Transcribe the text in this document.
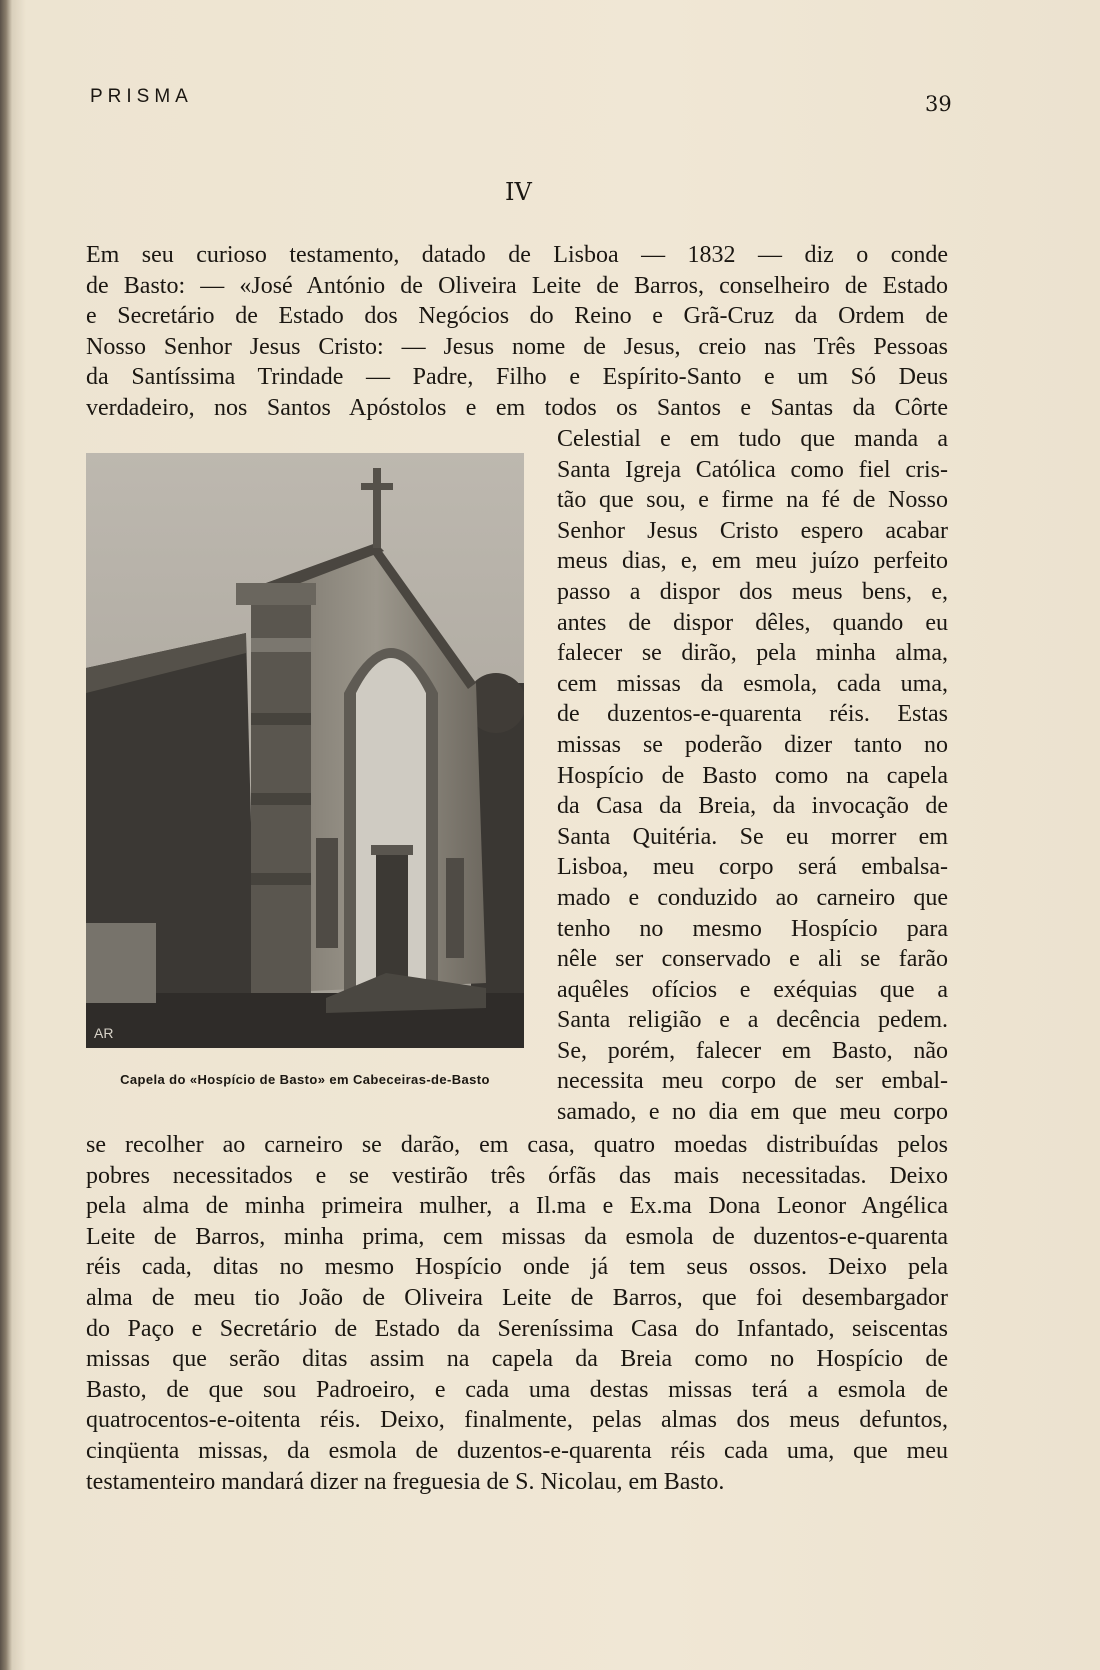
PRISMA	39
IV
Em seu curioso testamento, datado de Lisboa — 1832 — diz o conde
de Basto: — «José António de Oliveira Leite de Barros, conselheiro de Estado
e Secretário de Estado dos Negócios do Reino e Grã-Cruz da Ordem de
Nosso Senhor Jesus Cristo: — Jesus nome de Jesus, creio nas Três Pessoas
da Santíssima Trindade — Padre, Filho e Espírito-Santo e um Só Deus
verdadeiro, nos Santos Apóstolos e em todos os Santos e Santas da Côrte
AR
Capela do «Hospício de Basto» em Cabeceiras-de-Basto
Celestial e em tudo que manda a
Santa Igreja Católica como fiel cris-
tão que sou, e firme na fé de Nosso
Senhor Jesus Cristo espero acabar
meus dias, e, em meu juízo perfeito
passo a dispor dos meus bens, e,
antes de dispor dêles, quando eu
falecer se dirão, pela minha alma,
cem missas da esmola, cada uma,
de duzentos-e-quarenta réis. Estas
missas se poderão dizer tanto no
Hospício de Basto como na capela
da Casa da Breia, da invocação de
Santa Quitéria. Se eu morrer em
Lisboa, meu corpo será embalsa-
mado e conduzido ao carneiro que
tenho no mesmo Hospício para
nêle ser conservado e ali se farão
aquêles ofícios e exéquias que a
Santa religião e a decência pedem.
Se, porém, falecer em Basto, não
necessita meu corpo de ser embal-
samado, e no dia em que meu corpo
se recolher ao carneiro se darão, em casa, quatro moedas distribuídas pelos
pobres necessitados e se vestirão três órfãs das mais necessitadas. Deixo
pela alma de minha primeira mulher, a Il.ma e Ex.ma Dona Leonor Angélica
Leite de Barros, minha prima, cem missas da esmola de duzentos-e-quarenta
réis cada, ditas no mesmo Hospício onde já tem seus ossos. Deixo pela
alma de meu tio João de Oliveira Leite de Barros, que foi desembargador
do Paço e Secretário de Estado da Sereníssima Casa do Infantado, seiscentas
missas que serão ditas assim na capela da Breia como no Hospício de
Basto, de que sou Padroeiro, e cada uma destas missas terá a esmola de
quatrocentos-e-oitenta réis. Deixo, finalmente, pelas almas dos meus defuntos,
cinqüenta missas, da esmola de duzentos-e-quarenta réis cada uma, que meu
testamenteiro mandará dizer na freguesia de S. Nicolau, em Basto.
